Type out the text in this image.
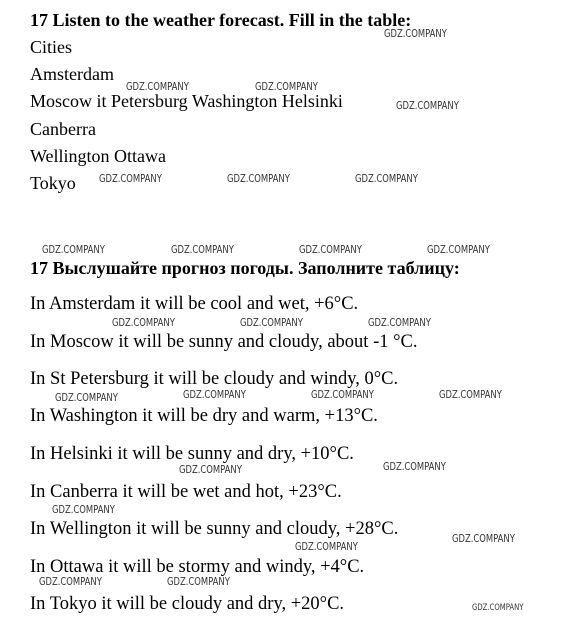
17 Listen to the weather forecast. Fill in the table:
Cities
Amsterdam
Moscow it Petersburg Washington Helsinki
Canberra
Wellington Ottawa
Tokyo
17 Выслушайте прогноз погоды. Заполните таблицу:
In Amsterdam it will be cool and wet, +6°C.
In Moscow it will be sunny and cloudy, about -1 °C.
In St Petersburg it will be cloudy and windy, 0°C.
In Washington it will be dry and warm, +13°C.
In Helsinki it will be sunny and dry, +10°C.
In Canberra it will be wet and hot, +23°C.
In Wellington it will be sunny and cloudy, +28°C.
In Ottawa it will be stormy and windy, +4°C.
In Tokyo it will be cloudy and dry, +20°C.
GDZ.COMPANY
GDZ.COMPANY	GDZ.COMPANY
GDZ.COMPANY
GDZ.COMPANY	GDZ.COMPANY	GDZ.COMPANY
GDZ.COMPANY	GDZ.COMPANY	GDZ.COMPANY	GDZ.COMPANY
GDZ.COMPANY	GDZ.COMPANY	GDZ.COMPANY
GDZ.COMPANY	GDZ.COMPANY	GDZ.COMPANY	GDZ.COMPANY
GDZ.COMPANY	GDZ.COMPANY
GDZ.COMPANY
GDZ.COMPANY
GDZ.COMPANY
GDZ.COMPANY	GDZ.COMPANY
GDZ.COMPANY
